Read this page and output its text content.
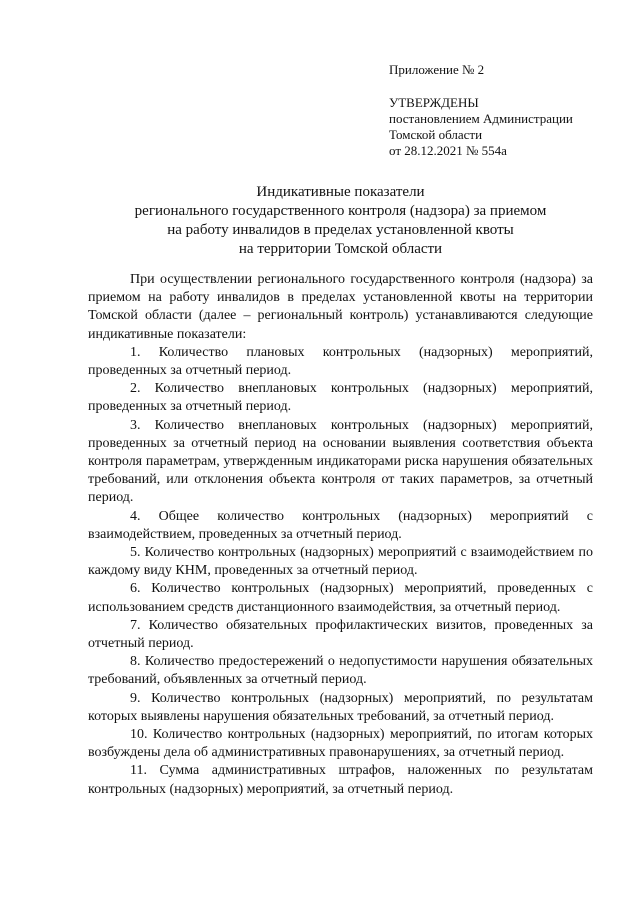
Приложение № 2
УТВЕРЖДЕНЫ
постановлением Администрации
Томской области
от 28.12.2021 № 554а
Индикативные показатели
регионального государственного контроля (надзора) за приемом
на работу инвалидов в пределах установленной квоты
на территории Томской области

При осуществлении регионального государственного контроля (надзора) за приемом на работу инвалидов в пределах установленной квоты на территории Томской области (далее – региональный контроль) устанавливаются следующие индикативные показатели:

1. Количество плановых контрольных (надзорных) мероприятий, проведенных за отчетный период.

2. Количество внеплановых контрольных (надзорных) мероприятий, проведенных за отчетный период.

3. Количество внеплановых контрольных (надзорных) мероприятий, проведенных за отчетный период на основании выявления соответствия объекта контроля параметрам, утвержденным индикаторами риска нарушения обязательных требований, или отклонения объекта контроля от таких параметров, за отчетный период.

4. Общее количество контрольных (надзорных) мероприятий с взаимодействием, проведенных за отчетный период.

5. Количество контрольных (надзорных) мероприятий с взаимодействием по каждому виду КНМ, проведенных за отчетный период.

6. Количество контрольных (надзорных) мероприятий, проведенных с использованием средств дистанционного взаимодействия, за отчетный период.

7. Количество обязательных профилактических визитов, проведенных за отчетный период.

8. Количество предостережений о недопустимости нарушения обязательных требований, объявленных за отчетный период.

9. Количество контрольных (надзорных) мероприятий, по результатам которых выявлены нарушения обязательных требований, за отчетный период.

10. Количество контрольных (надзорных) мероприятий, по итогам которых возбуждены дела об административных правонарушениях, за отчетный период.

11. Сумма административных штрафов, наложенных по результатам контрольных (надзорных) мероприятий, за отчетный период.
